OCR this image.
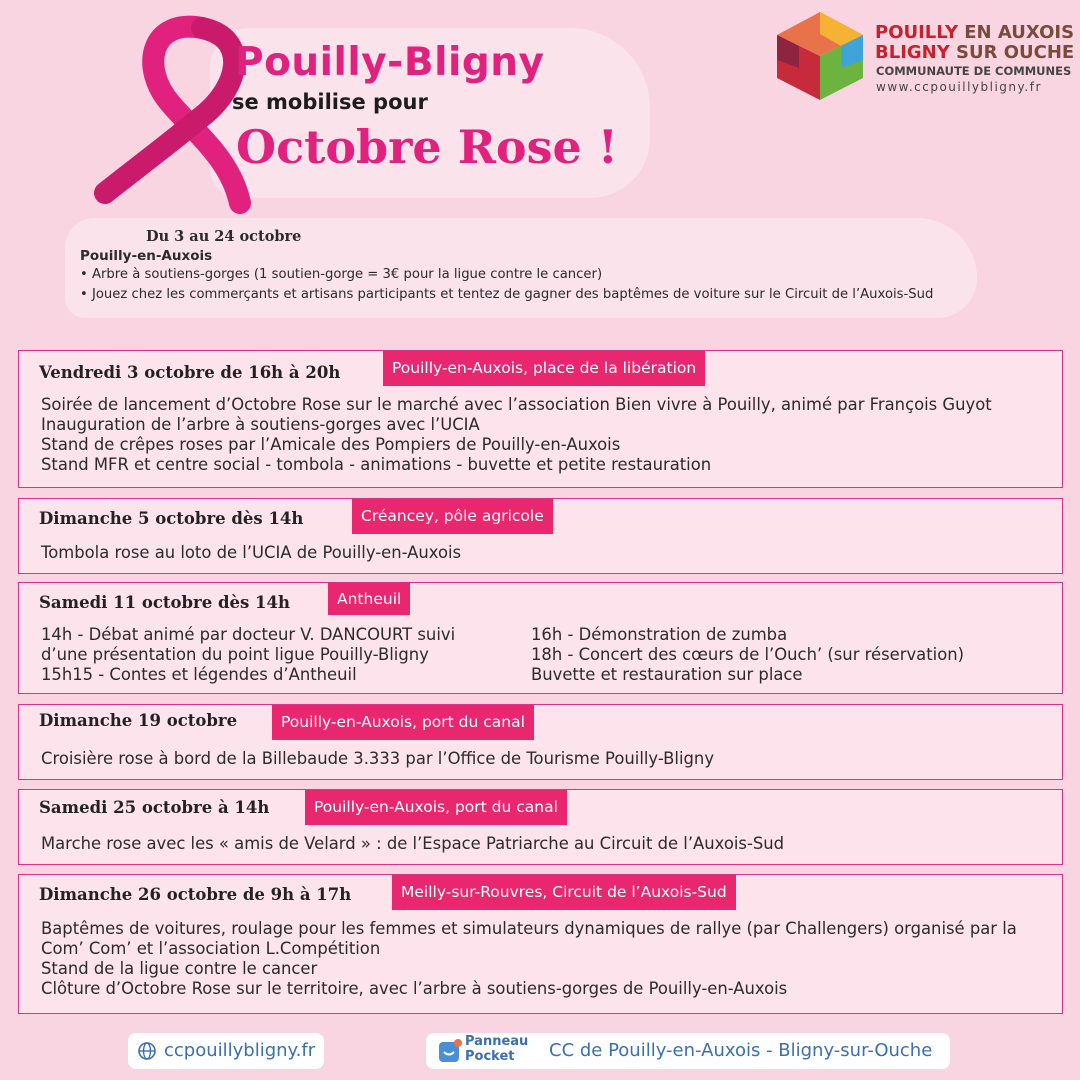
Pouilly-Bligny
se mobilise pour
Octobre Rose !
POUILLY EN AUXOIS
BLIGNY SUR OUCHE
COMMUNAUTE DE COMMUNES
www.ccpouillybligny.fr
Du 3 au 24 octobre
Pouilly-en-Auxois
• Arbre à soutiens-gorges (1 soutien-gorge = 3€ pour la ligue contre le cancer)
• Jouez chez les commerçants et artisans participants et tentez de gagner des baptêmes de voiture sur le Circuit de l’Auxois-Sud
Vendredi 3 octobre de 16h à 20h	Pouilly-en-Auxois, place de la libération
Soirée de lancement d’Octobre Rose sur le marché avec l’association Bien vivre à Pouilly, animé par François Guyot
Inauguration de l’arbre à soutiens-gorges avec l’UCIA
Stand de crêpes roses par l’Amicale des Pompiers de Pouilly-en-Auxois
Stand MFR et centre social - tombola - animations - buvette et petite restauration
Dimanche 5 octobre dès 14h	Créancey, pôle agricole
Tombola rose au loto de l’UCIA de Pouilly-en-Auxois
Samedi 11 octobre dès 14h	Antheuil
14h - Débat animé par docteur V. DANCOURT suivi
d’une présentation du point ligue Pouilly-Bligny
15h15 - Contes et légendes d’Antheuil
16h - Démonstration de zumba
18h - Concert des cœurs de l’Ouch’ (sur réservation)
Buvette et restauration sur place
Dimanche 19 octobre	Pouilly-en-Auxois, port du canal
Croisière rose à bord de la Billebaude 3.333 par l’Office de Tourisme Pouilly-Bligny
Samedi 25 octobre à 14h	Pouilly-en-Auxois, port du canal
Marche rose avec les « amis de Velard » : de l’Espace Patriarche au Circuit de l’Auxois-Sud
Dimanche 26 octobre de 9h à 17h	Meilly-sur-Rouvres, Circuit de l’Auxois-Sud
Baptêmes de voitures, roulage pour les femmes et simulateurs dynamiques de rallye (par Challengers) organisé par la
Com’ Com’ et l’association L.Compétition
Stand de la ligue contre le cancer
Clôture d’Octobre Rose sur le territoire, avec l’arbre à soutiens-gorges de Pouilly-en-Auxois
ccpouillybligny.fr	Panneau
Pocket	CC de Pouilly-en-Auxois - Bligny-sur-Ouche
